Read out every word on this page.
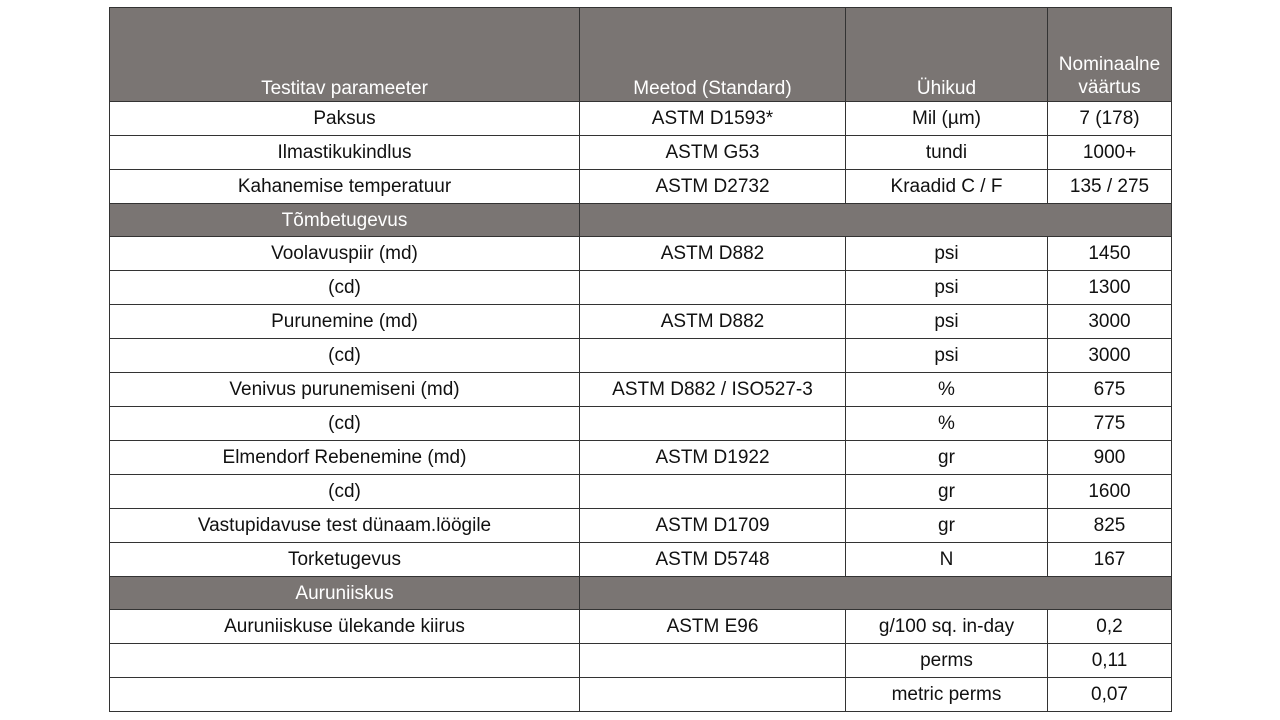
Testitav parameeter	Meetod (Standard)	Ühikud	Nominaalne väärtus
Paksus	ASTM D1593*	Mil (µm)	7 (178)
Ilmastikukindlus	ASTM G53	tundi	1000+
Kahanemise temperatuur	ASTM D2732	Kraadid C / F	135 / 275
Tõmbetugevus			
Voolavuspiir (md)	ASTM D882	psi	1450
(cd)		psi	1300
Purunemine (md)	ASTM D882	psi	3000
(cd)		psi	3000
Venivus purunemiseni (md)	ASTM D882 / ISO527-3	%	675
(cd)		%	775
Elmendorf Rebenemine (md)	ASTM D1922	gr	900
(cd)		gr	1600
Vastupidavuse test dünaam.löögile	ASTM D1709	gr	825
Torketugevus	ASTM D5748	N	167
Auruniiskus			
Auruniiskuse ülekande kiirus	ASTM E96	g/100 sq. in-day	0,2
		perms	0,11
		metric perms	0,07
